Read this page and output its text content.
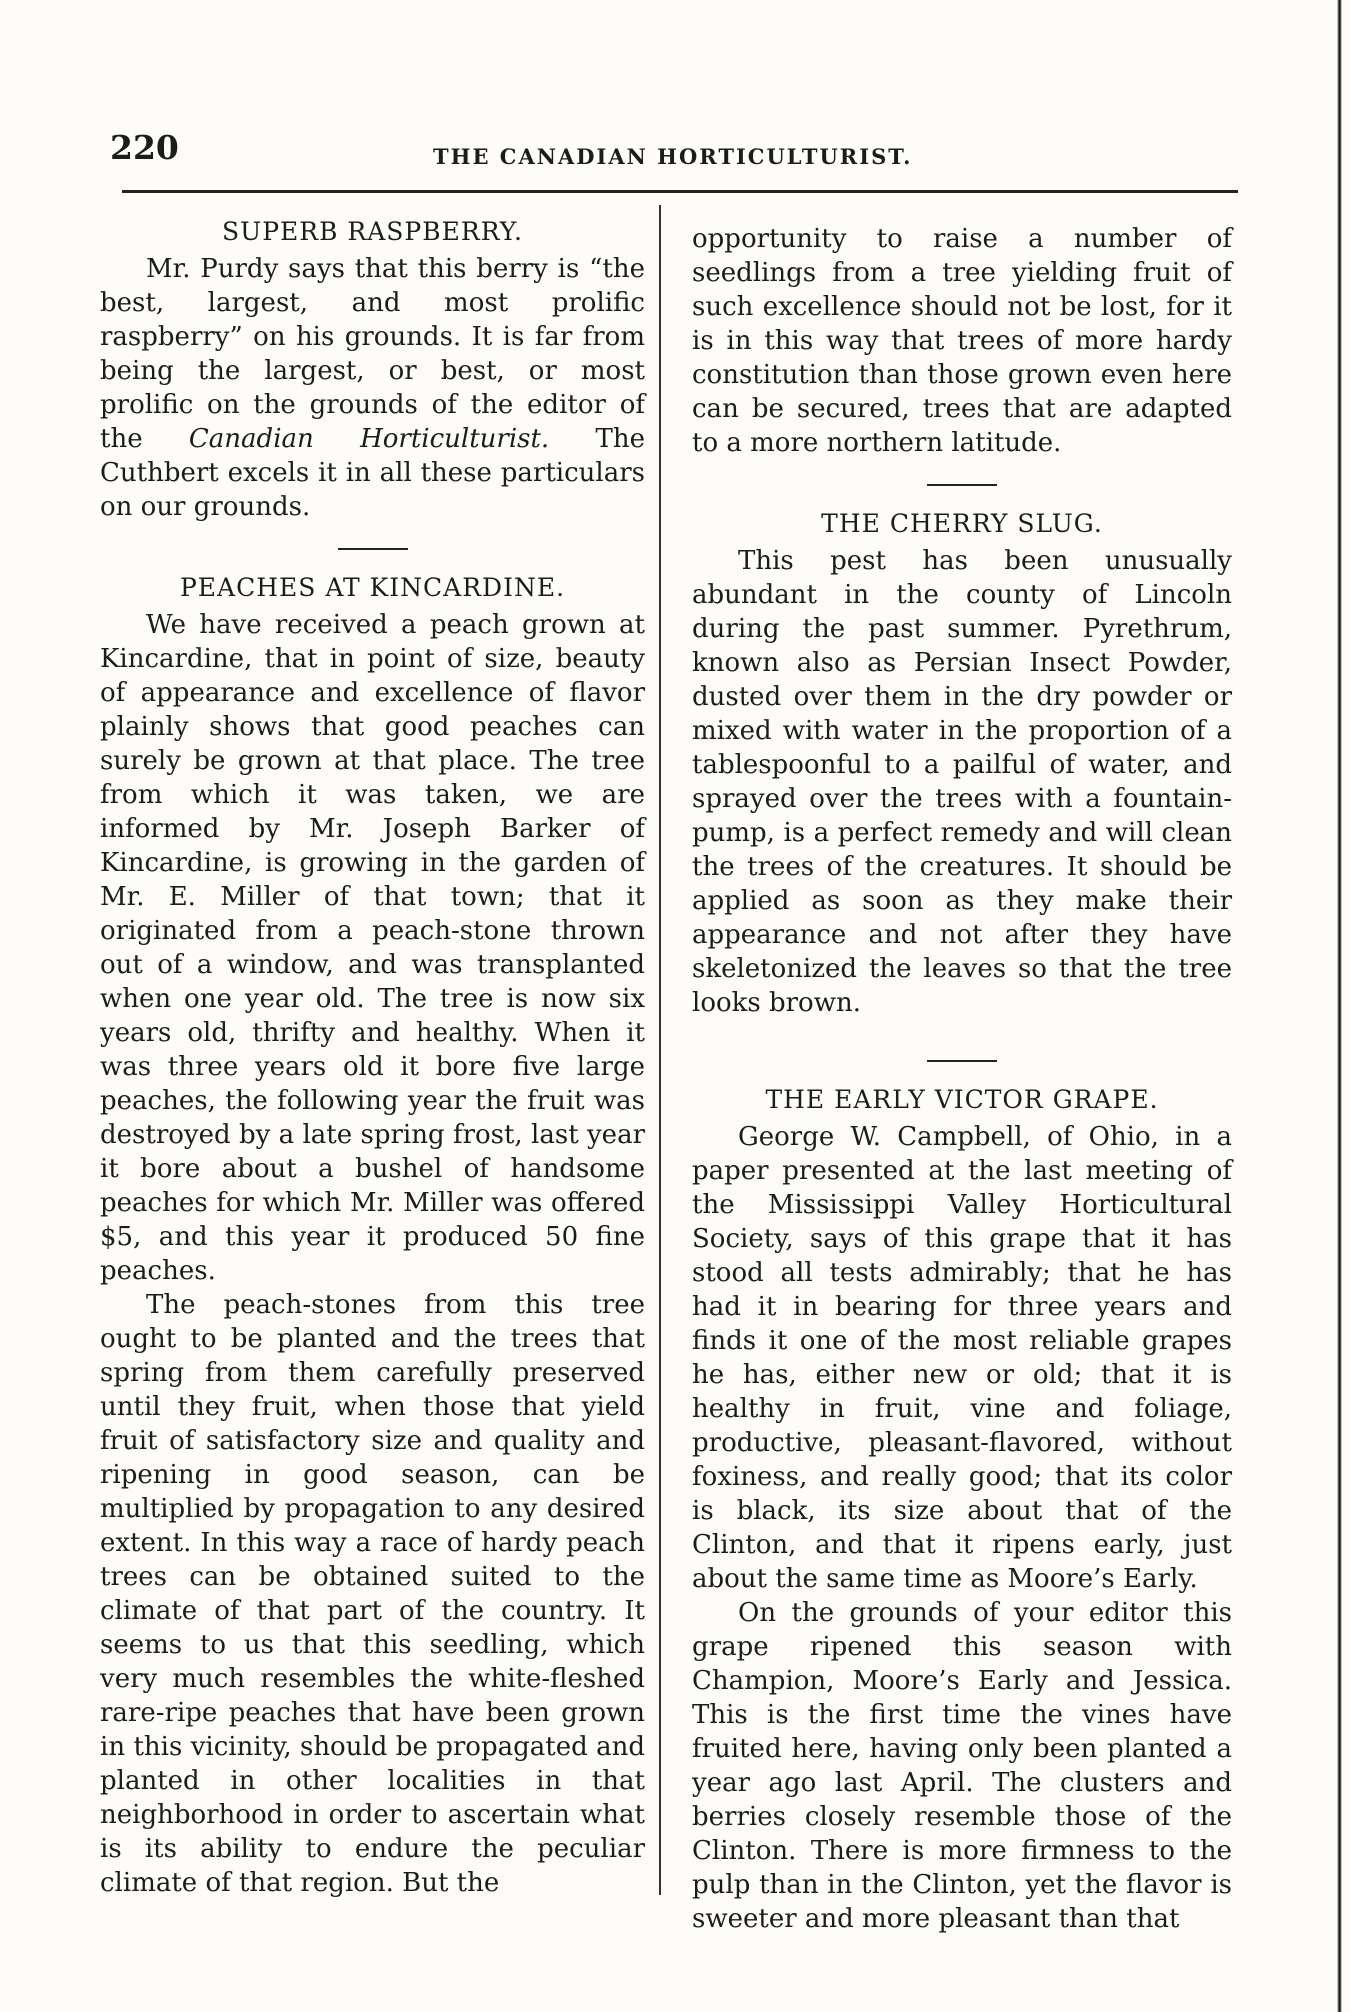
220	THE CANADIAN HORTICULTURIST.
SUPERB RASPBERRY.

Mr. Purdy says that this berry is “the best, largest, and most prolific raspberry” on his grounds. It is far from being the largest, or best, or most prolific on the grounds of the editor of the Canadian Horticulturist. The Cuthbert excels it in all these particulars on our grounds.

PEACHES AT KINCARDINE.

We have received a peach grown at Kincardine, that in point of size, beauty of appearance and excellence of flavor plainly shows that good peaches can surely be grown at that place. The tree from which it was taken, we are informed by Mr. Joseph Barker of Kincardine, is growing in the garden of Mr. E. Miller of that town; that it originated from a peach-stone thrown out of a window, and was transplanted when one year old. The tree is now six years old, thrifty and healthy. When it was three years old it bore five large peaches, the following year the fruit was destroyed by a late spring frost, last year it bore about a bushel of handsome peaches for which Mr. Miller was offered $5, and this year it produced 50 fine peaches.

The peach-stones from this tree ought to be planted and the trees that spring from them carefully preserved until they fruit, when those that yield fruit of satisfactory size and quality and ripening in good season, can be multiplied by propagation to any desired extent. In this way a race of hardy peach trees can be obtained suited to the climate of that part of the country. It seems to us that this seedling, which very much resembles the white-fleshed rare-ripe peaches that have been grown in this vicinity, should be propagated and planted in other localities in that neighborhood in order to ascertain what is its ability to endure the peculiar climate of that region. But the

opportunity to raise a number of seedlings from a tree yielding fruit of such excellence should not be lost, for it is in this way that trees of more hardy constitution than those grown even here can be secured, trees that are adapted to a more northern latitude.

THE CHERRY SLUG.

This pest has been unusually abundant in the county of Lincoln during the past summer. Pyrethrum, known also as Persian Insect Powder, dusted over them in the dry powder or mixed with water in the proportion of a tablespoonful to a pailful of water, and sprayed over the trees with a fountain-pump, is a perfect remedy and will clean the trees of the creatures. It should be applied as soon as they make their appearance and not after they have skeletonized the leaves so that the tree looks brown.

THE EARLY VICTOR GRAPE.

George W. Campbell, of Ohio, in a paper presented at the last meeting of the Mississippi Valley Horticultural Society, says of this grape that it has stood all tests admirably; that he has had it in bearing for three years and finds it one of the most reliable grapes he has, either new or old; that it is healthy in fruit, vine and foliage, productive, pleasant-flavored, without foxiness, and really good; that its color is black, its size about that of the Clinton, and that it ripens early, just about the same time as Moore’s Early.

On the grounds of your editor this grape ripened this season with Champion, Moore’s Early and Jessica. This is the first time the vines have fruited here, having only been planted a year ago last April. The clusters and berries closely resemble those of the Clinton. There is more firmness to the pulp than in the Clinton, yet the flavor is sweeter and more pleasant than that
